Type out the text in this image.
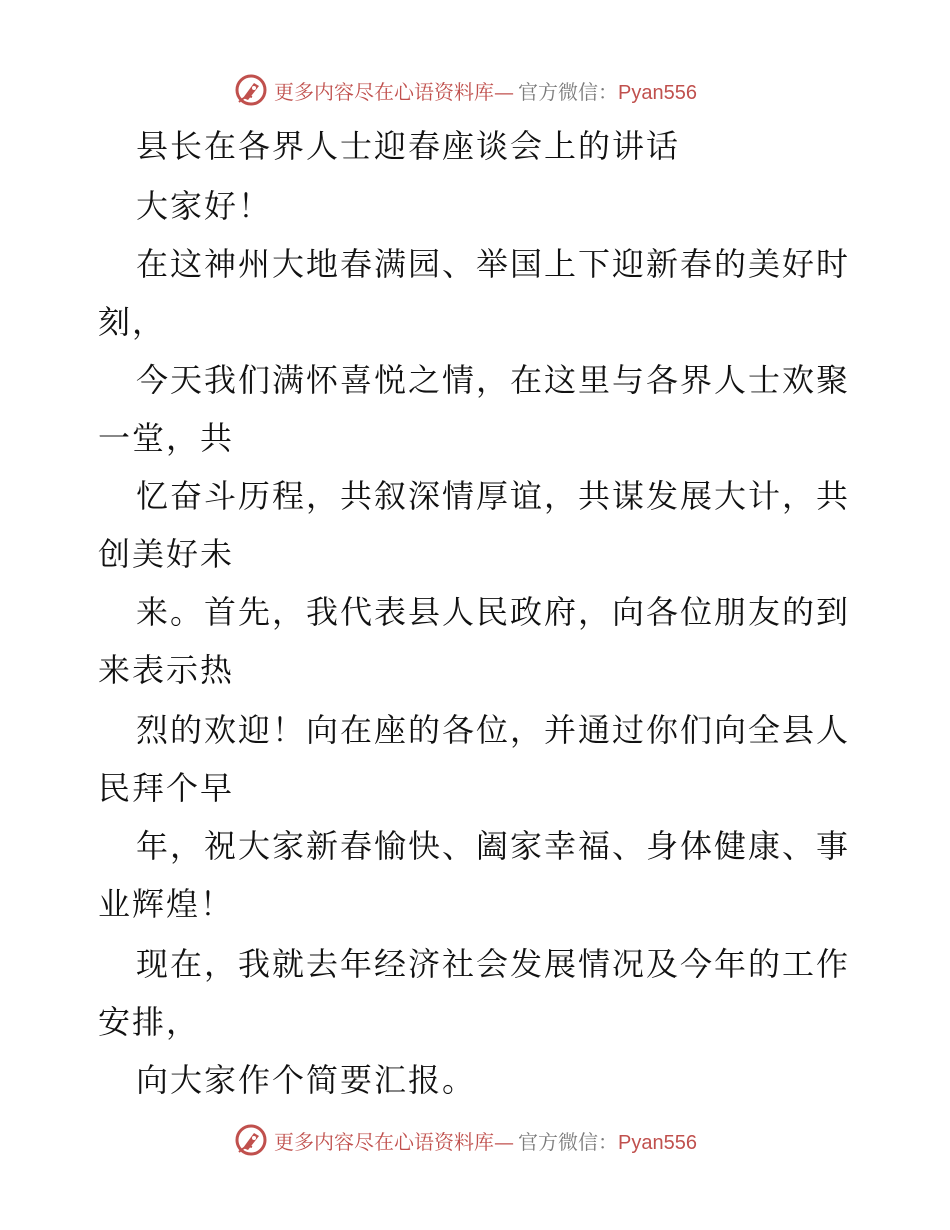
更多内容尽在心语资料库— 官方微信：Pyan556
县长在各界人士迎春座谈会上的讲话
大家好！
在这神州大地春满园、举国上下迎新春的美好时
刻，
今天我们满怀喜悦之情，在这里与各界人士欢聚
一堂，共
忆奋斗历程，共叙深情厚谊，共谋发展大计，共
创美好未
来。首先，我代表县人民政府，向各位朋友的到
来表示热
烈的欢迎！向在座的各位，并通过你们向全县人
民拜个早
年，祝大家新春愉快、阖家幸福、身体健康、事
业辉煌！
现在，我就去年经济社会发展情况及今年的工作
安排，
向大家作个简要汇报。
更多内容尽在心语资料库— 官方微信：Pyan556
